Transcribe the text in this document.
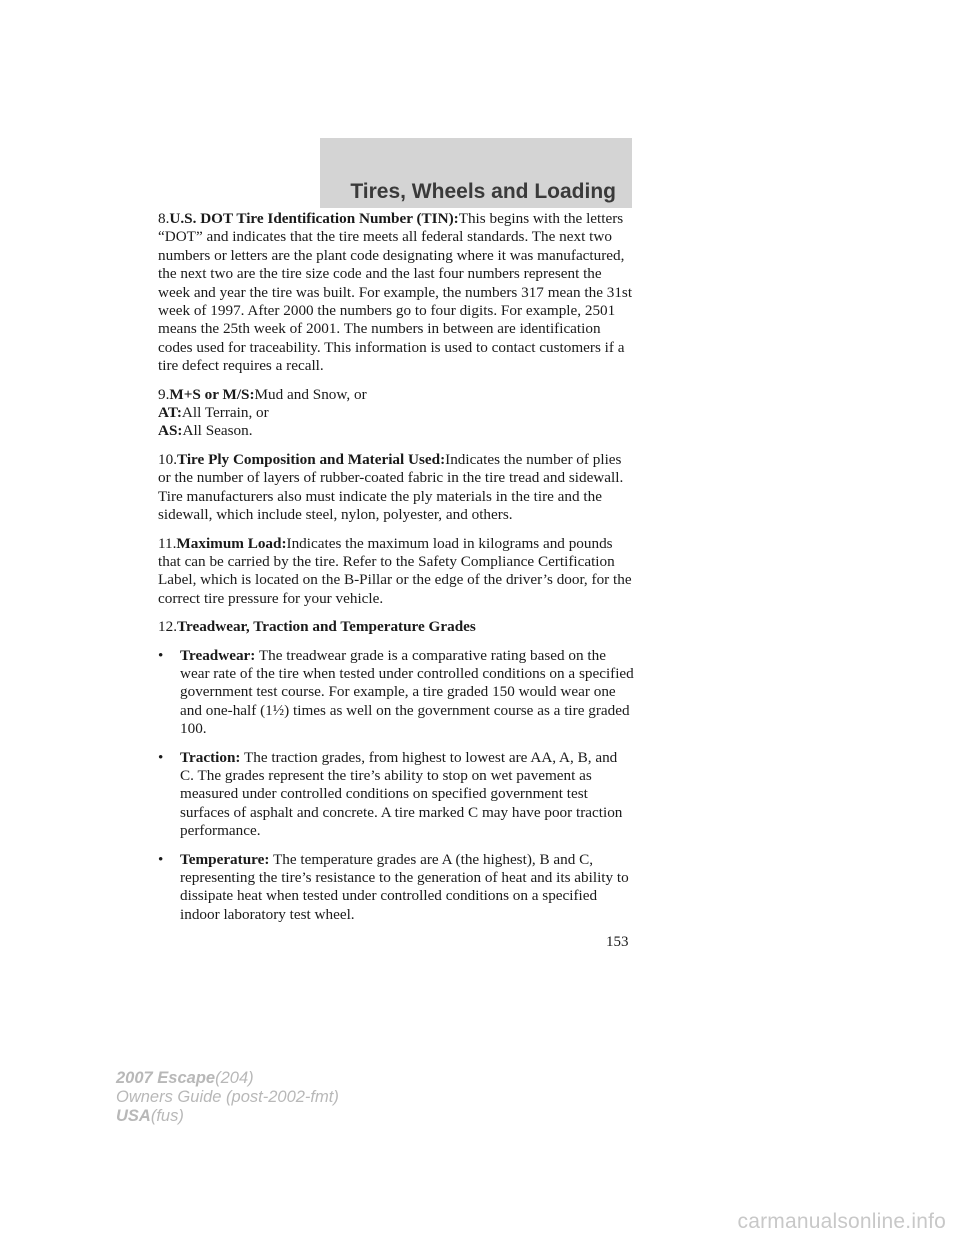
Tires, Wheels and Loading

8.U.S. DOT Tire Identification Number (TIN):This begins with the letters “DOT” and indicates that the tire meets all federal standards. The next two numbers or letters are the plant code designating where it was manufactured, the next two are the tire size code and the last four numbers represent the week and year the tire was built. For example, the numbers 317 mean the 31st week of 1997. After 2000 the numbers go to four digits. For example, 2501 means the 25th week of 2001. The numbers in between are identification codes used for traceability. This information is used to contact customers if a tire defect requires a recall.

9.M+S or M/S:Mud and Snow, or

AT:All Terrain, or

AS:All Season.

10.Tire Ply Composition and Material Used:Indicates the number of plies or the number of layers of rubber-coated fabric in the tire tread and sidewall. Tire manufacturers also must indicate the ply materials in the tire and the sidewall, which include steel, nylon, polyester, and others.

11.Maximum Load:Indicates the maximum load in kilograms and pounds that can be carried by the tire. Refer to the Safety Compliance Certification Label, which is located on the B-Pillar or the edge of the driver’s door, for the correct tire pressure for your vehicle.

12.Treadwear, Traction and Temperature Grades

• Treadwear: The treadwear grade is a comparative rating based on the wear rate of the tire when tested under controlled conditions on a specified government test course. For example, a tire graded 150 would wear one and one-half (1½) times as well on the government course as a tire graded 100.
• Traction: The traction grades, from highest to lowest are AA, A, B, and C. The grades represent the tire’s ability to stop on wet pavement as measured under controlled conditions on specified government test surfaces of asphalt and concrete. A tire marked C may have poor traction performance.
• Temperature: The temperature grades are A (the highest), B and C, representing the tire’s resistance to the generation of heat and its ability to dissipate heat when tested under controlled conditions on a specified indoor laboratory test wheel.
153
2007 Escape(204)
Owners Guide (post-2002-fmt)
USA(fus)
carmanualsonline.info
